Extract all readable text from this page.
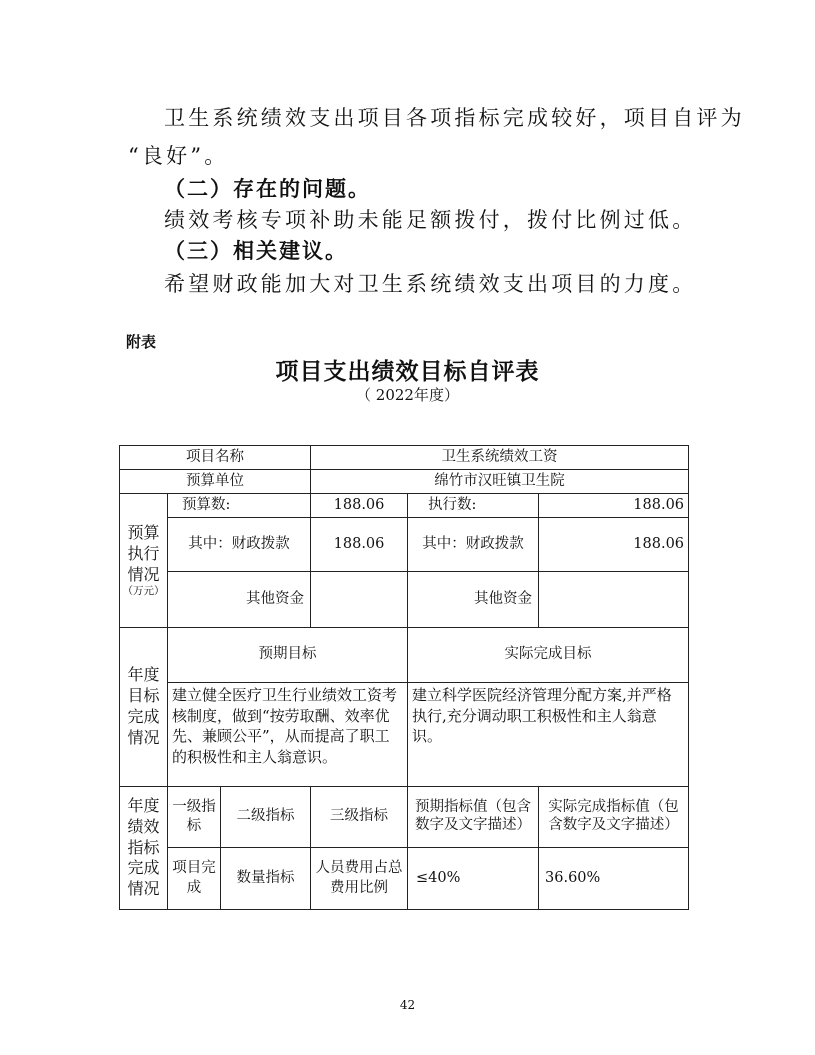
卫生系统绩效支出项目各项指标完成较好，项目自评为
“良好”。
（二）存在的问题。
绩效考核专项补助未能足额拨付，拨付比例过低。
（三）相关建议。
希望财政能加大对卫生系统绩效支出项目的力度。
附表
项目支出绩效目标自评表
（ 2022年度）
项目名称			卫生系统绩效工资		
预算单位			绵竹市汉旺镇卫生院		

预算执行情况
（万元）	预算数:		188.06	执行数:	188.06
	其中：财政拨款		188.06	其中：财政拨款	188.06
	其他资金			其他资金	
年度目标完成情况	预期目标			实际完成目标	
	建立健全医疗卫生行业绩效工资考核制度，做到“按劳取酬、效率优先、兼顾公平”，从而提高了职工的积极性和主人翁意识。			建立科学医院经济管理分配方案,并严格执行,充分调动职工积极性和主人翁意识。	
年度绩效指标完成情况	一级指标	二级指标	三级指标	预期指标值（包含数字及文字描述）	实际完成指标值（包含数字及文字描述）
	项目完成	数量指标	人员费用占总费用比例	≤40%	36.60%
42
